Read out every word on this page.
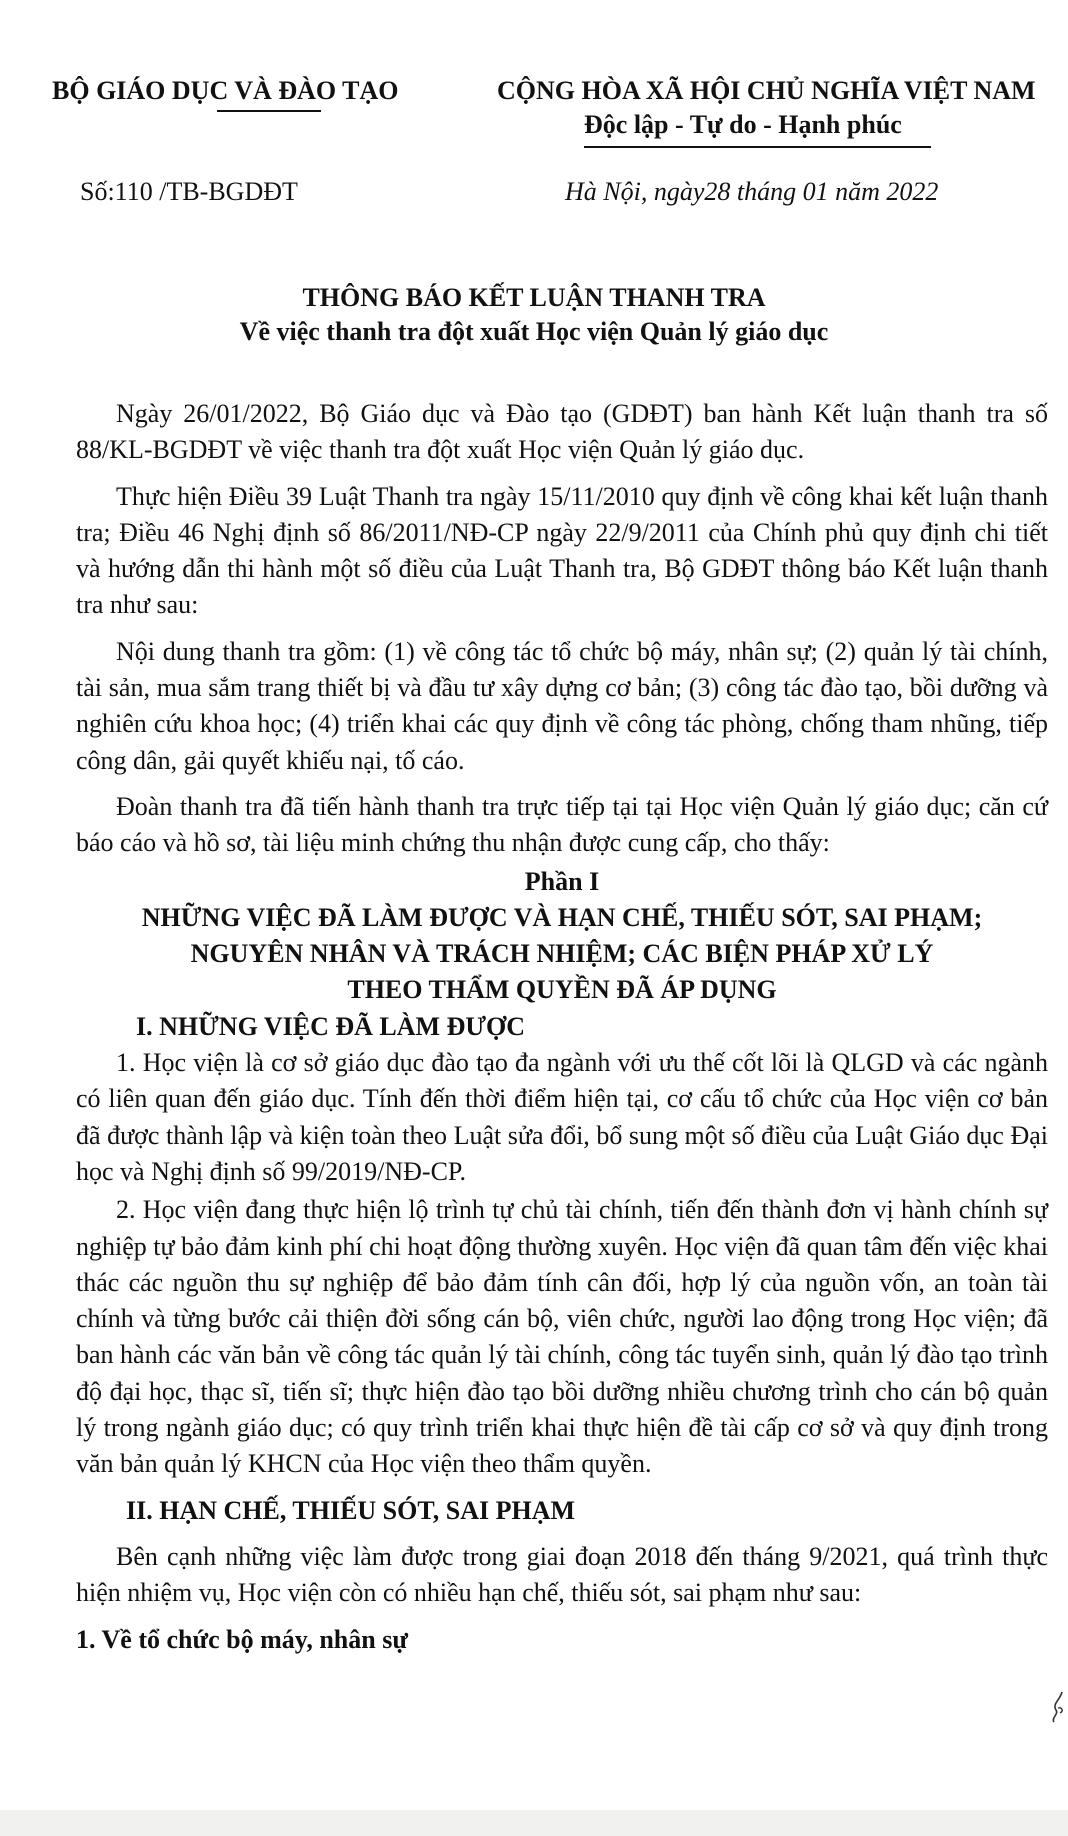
BỘ GIÁO DỤC VÀ ĐÀO TẠO	CỘNG HÒA XÃ HỘI CHỦ NGHĨA VIỆT NAM
Độc lập - Tự do - Hạnh phúc
Số:110 /TB-BGDĐT	Hà Nội, ngày28 tháng 01 năm 2022
THÔNG BÁO KẾT LUẬN THANH TRA
Về việc thanh tra đột xuất Học viện Quản lý giáo dục

Ngày 26/01/2022, Bộ Giáo dục và Đào tạo (GDĐT) ban hành Kết luận thanh tra số 88/KL-BGDĐT về việc thanh tra đột xuất Học viện Quản lý giáo dục.

Thực hiện Điều 39 Luật Thanh tra ngày 15/11/2010 quy định về công khai kết luận thanh tra; Điều 46 Nghị định số 86/2011/NĐ-CP ngày 22/9/2011 của Chính phủ quy định chi tiết và hướng dẫn thi hành một số điều của Luật Thanh tra, Bộ GDĐT thông báo Kết luận thanh tra như sau:

Nội dung thanh tra gồm: (1) về công tác tổ chức bộ máy, nhân sự; (2) quản lý tài chính, tài sản, mua sắm trang thiết bị và đầu tư xây dựng cơ bản; (3) công tác đào tạo, bồi dưỡng và nghiên cứu khoa học; (4) triển khai các quy định về công tác phòng, chống tham nhũng, tiếp công dân, gải quyết khiếu nại, tố cáo.

Đoàn thanh tra đã tiến hành thanh tra trực tiếp tại tại Học viện Quản lý giáo dục; căn cứ báo cáo và hồ sơ, tài liệu minh chứng thu nhận được cung cấp, cho thấy:

Phần I

NHỮNG VIỆC ĐÃ LÀM ĐƯỢC VÀ HẠN CHẾ, THIẾU SÓT, SAI PHẠM;

NGUYÊN NHÂN VÀ TRÁCH NHIỆM; CÁC BIỆN PHÁP XỬ LÝ

THEO THẨM QUYỀN ĐÃ ÁP DỤNG

I. NHỮNG VIỆC ĐÃ LÀM ĐƯỢC

1. Học viện là cơ sở giáo dục đào tạo đa ngành với ưu thế cốt lõi là QLGD và các ngành có liên quan đến giáo dục. Tính đến thời điểm hiện tại, cơ cấu tổ chức của Học viện cơ bản đã được thành lập và kiện toàn theo Luật sửa đổi, bổ sung một số điều của Luật Giáo dục Đại học và Nghị định số 99/2019/NĐ-CP.

2. Học viện đang thực hiện lộ trình tự chủ tài chính, tiến đến thành đơn vị hành chính sự nghiệp tự bảo đảm kinh phí chi hoạt động thường xuyên. Học viện đã quan tâm đến việc khai thác các nguồn thu sự nghiệp để bảo đảm tính cân đối, hợp lý của nguồn vốn, an toàn tài chính và từng bước cải thiện đời sống cán bộ, viên chức, người lao động trong Học viện; đã ban hành các văn bản về công tác quản lý tài chính, công tác tuyển sinh, quản lý đào tạo trình độ đại học, thạc sĩ, tiến sĩ; thực hiện đào tạo bồi dưỡng nhiều chương trình cho cán bộ quản lý trong ngành giáo dục; có quy trình triển khai thực hiện đề tài cấp cơ sở và quy định trong văn bản quản lý KHCN của Học viện theo thẩm quyền.

II. HẠN CHẾ, THIẾU SÓT, SAI PHẠM

Bên cạnh những việc làm được trong giai đoạn 2018 đến tháng 9/2021, quá trình thực hiện nhiệm vụ, Học viện còn có nhiều hạn chế, thiếu sót, sai phạm như sau:

1. Về tổ chức bộ máy, nhân sự
